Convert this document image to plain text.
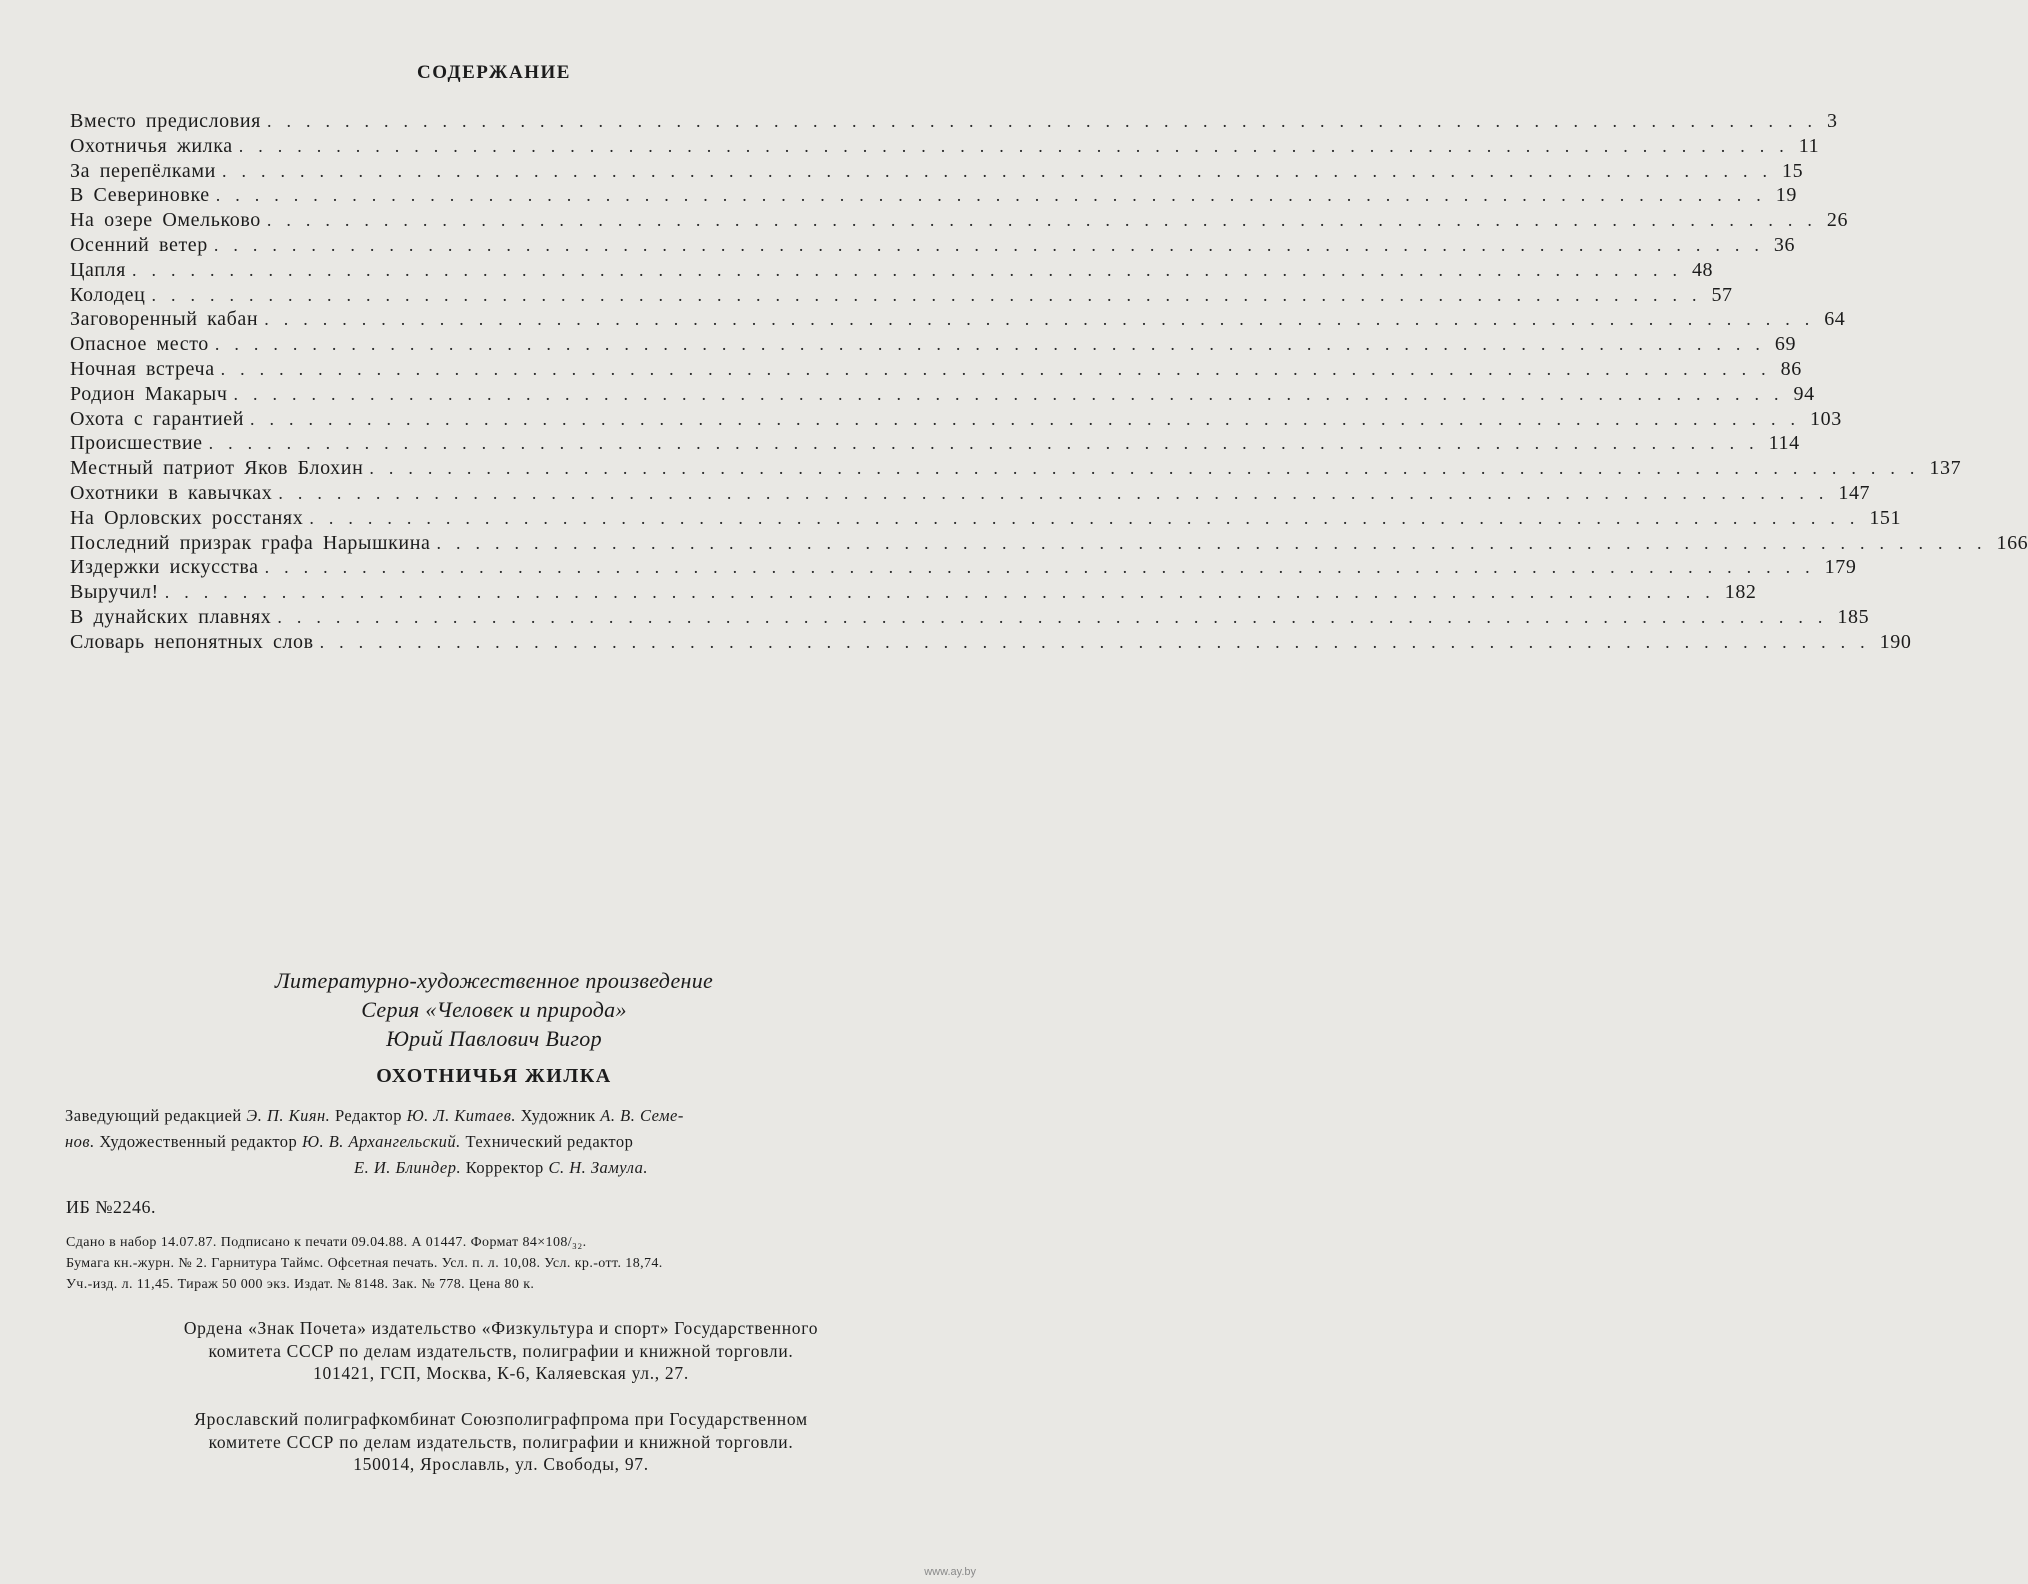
СОДЕРЖАНИЕ
Вместо предисловия ................................................................................ 3
Охотничья жилка ................................................................................ 11
За перепёлками ................................................................................ 15
В Севериновке ................................................................................ 19
На озере Омельково ................................................................................ 26
Осенний ветер ................................................................................ 36
Цапля ................................................................................ 48
Колодец ................................................................................ 57
Заговоренный кабан ................................................................................ 64
Опасное место ................................................................................ 69
Ночная встреча ................................................................................ 86
Родион Макарыч ................................................................................ 94
Охота с гарантией ................................................................................ 103
Происшествие ................................................................................ 114
Местный патриот Яков Блохин ................................................................................ 137
Охотники в кавычках ................................................................................ 147
На Орловских росстанях ................................................................................ 151
Последний призрак графа Нарышкина ................................................................................ 166
Издержки искусства ................................................................................ 179
Выручил! ................................................................................ 182
В дунайских плавнях ................................................................................ 185
Словарь непонятных слов ................................................................................ 190
Литературно-художественное произведение
Серия «Человек и природа»
Юрий Павлович Вигор
ОХОТНИЧЬЯ ЖИЛКА
Заведующий редакцией Э. П. Киян. Редактор Ю. Л. Китаев. Художник А. В. Семе-
нов. Художественный редактор Ю. В. Архангельский. Технический редактор
Е. И. Блиндер. Корректор С. Н. Замула.
ИБ №2246.
Сдано в набор 14.07.87. Подписано к печати 09.04.88. А 01447. Формат 84×108/₃₂.
Бумага кн.-журн. № 2. Гарнитура Таймс. Офсетная печать. Усл. п. л. 10,08. Усл. кр.-отт. 18,74.
Уч.-изд. л. 11,45. Тираж 50 000 экз. Издат. № 8148. Зак. № 778. Цена 80 к.
Ордена «Знак Почета» издательство «Физкультура и спорт» Государственного
комитета СССР по делам издательств, полиграфии и книжной торговли.
101421, ГСП, Москва, К-6, Каляевская ул., 27.
Ярославский полиграфкомбинат Союзполиграфпрома при Государственном
комитете СССР по делам издательств, полиграфии и книжной торговли.
150014, Ярославль, ул. Свободы, 97.
www.ay.by
